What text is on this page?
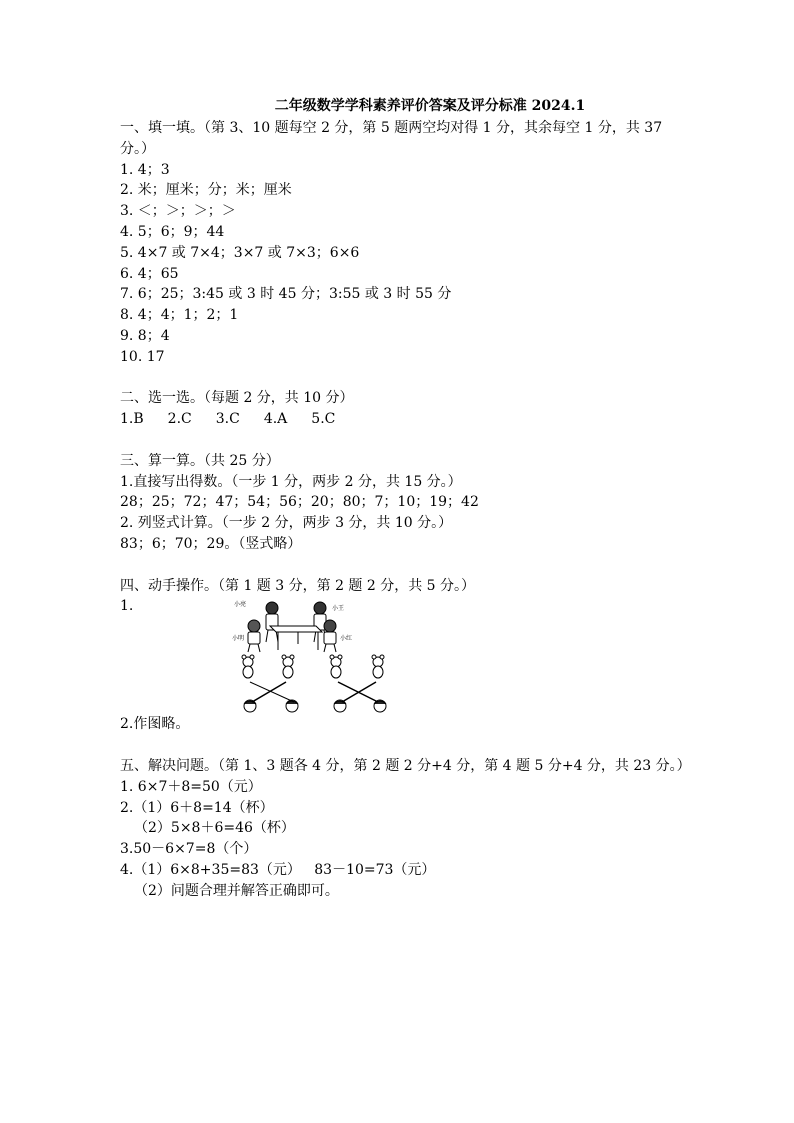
二年级数学学科素养评价答案及评分标准 2024.1
一、填一填。（第 3、10 题每空 2 分，第 5 题两空均对得 1 分，其余每空 1 分，共 37 分。）
1. 4；3
2. 米；厘米；分；米；厘米
3. ＜；＞；＞；＞
4. 5；6；9；44
5. 4×7 或 7×4；3×7 或 7×3；6×6
6. 4；65
7. 6；25；3:45 或 3 时 45 分；3:55 或 3 时 55 分
8. 4；4；1；2；1
9. 8；4
10. 17
二、选一选。（每题 2 分，共 10 分）
1.B 2.C 3.C 4.A 5.C
三、算一算。（共 25 分）
1.直接写出得数。（一步 1 分，两步 2 分，共 15 分。）
28；25；72；47；54；56；20；80；7；10；19；42
2. 列竖式计算。（一步 2 分，两步 3 分，共 10 分。）
83；6；70；29。（竖式略）
四、动手操作。（第 1 题 3 分，第 2 题 2 分，共 5 分。）
1.	小亮
小王
小明	小红
2.作图略。
五、解决问题。（第 1、3 题各 4 分，第 2 题 2 分+4 分，第 4 题 5 分+4 分，共 23 分。）
1. 6×7＋8=50（元）
2.（1）6＋8=14（杯）
（2）5×8＋6=46（杯）
3.50－6×7=8（个）
4.（1）6×8+35=83（元）   83－10=73（元）
（2）问题合理并解答正确即可。
